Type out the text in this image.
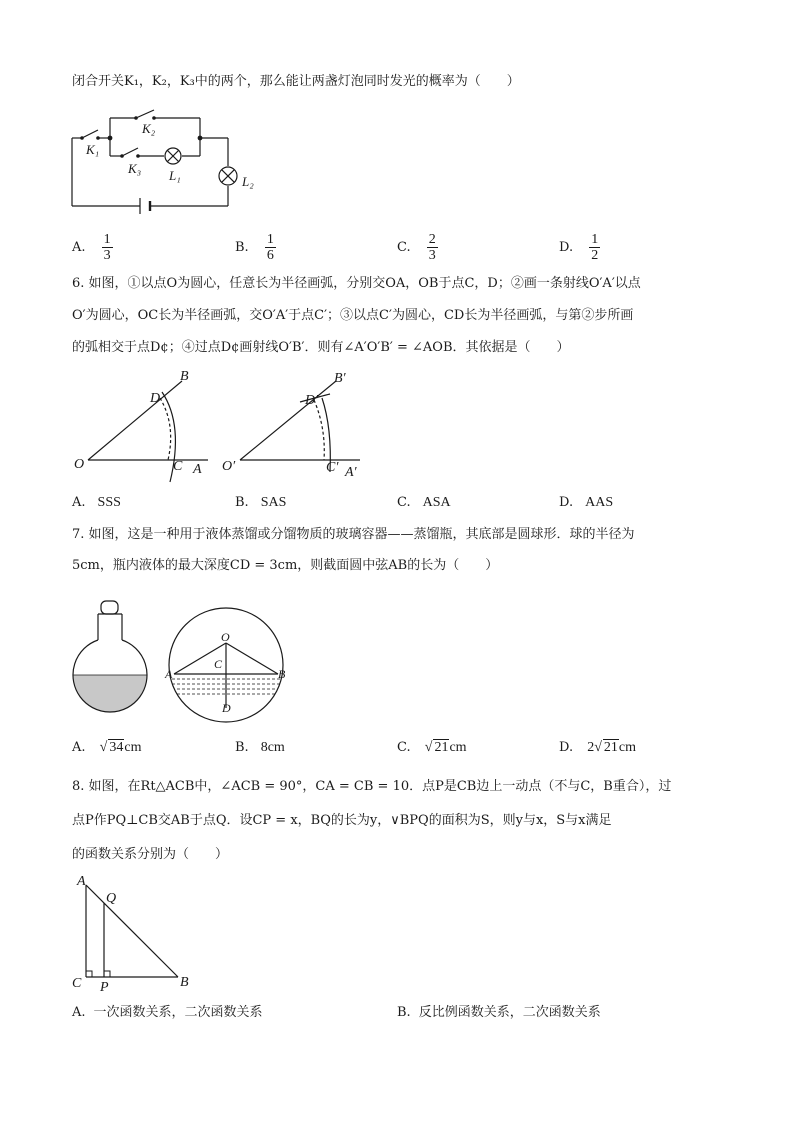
闭合开关K₁，K₂，K₃中的两个，那么能让两盏灯泡同时发光的概率为（　　）
K₁
K₂
K₃ L₁	L₂
A. $\frac{1}{3}$	B. $\frac{1}{6}$	C. $\frac{2}{3}$	D. $\frac{1}{2}$
6. 如图，①以点O为圆心，任意长为半径画弧，分别交OA，OB于点C，D；②画一条射线O′A′以点
O′为圆心，OC长为半径画弧，交O′A′于点C′；③以点C′为圆心，CD长为半径画弧，与第②步所画
的弧相交于点D¢；④过点D¢画射线O′B′．则有∠A′O′B′ = ∠AOB．其依据是（　　）
B
D
O	C A
B′
D′
O′	C′ A′
A. SSS	B. SAS	C. ASA	D. AAS
7. 如图，这是一种用于液体蒸馏或分馏物质的玻璃容器——蒸馏瓶，其底部是圆球形．球的半径为
5cm，瓶内液体的最大深度CD = 3cm，则截面圆中弦AB的长为（　　）
O
C
A	B
D
A. √ 34cm	B. 8cm	C. √ 21cm	D. 2√ 21cm
8. 如图，在Rt△ACB中，∠ACB = 90°，CA = CB = 10．点P是CB边上一动点（不与C，B重合），过
点P作PQ⊥CB交AB于点Q．设CP = x，BQ的长为y，∨BPQ的面积为S，则y与x，S与x满足
的函数关系分别为（　　）
A
Q
C P	B
A. 一次函数关系，二次函数关系	B. 反比例函数关系，二次函数关系
